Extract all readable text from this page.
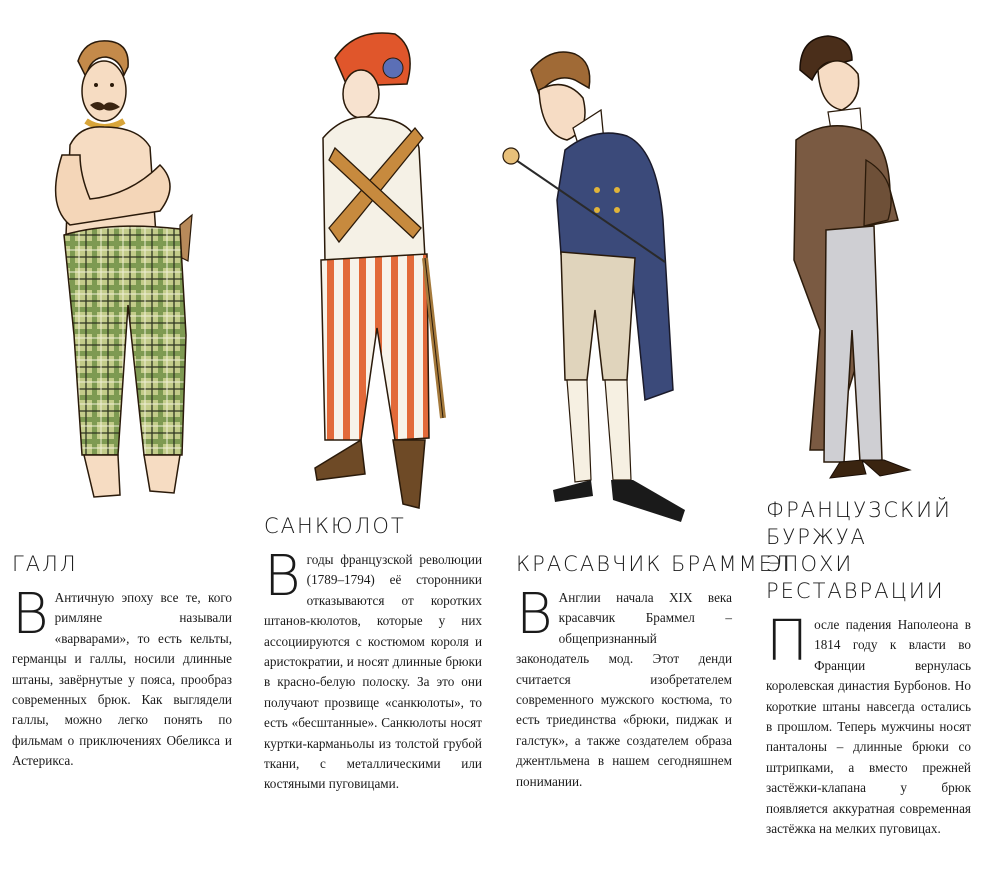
ГАЛЛ
В Античную эпоху все те, кого римляне называли «варварами», то есть кельты, германцы и галлы, носили длинные штаны, завёрнутые у пояса, прообраз современных брюк. Как выглядели галлы, можно легко понять по фильмам о приключениях Обеликса и Астерикса.
САНКЮЛОТ
Вгоды французской революции (1789–1794) её сторонники отказываются от коротких штанов-кюлотов, которые у них ассоциируются с костюмом короля и аристократии, и носят длинные брюки в красно-белую полоску. За это они получают прозвище «санкюлоты», то есть «бесштанные». Санкюлоты носят куртки-карманьолы из толстой грубой ткани, с металлическими или костяными пуговицами.
КРАСАВЧИК БРАММЕЛ
В Англии начала XIX века красавчик Браммел – общепризнанный законодатель мод. Этот денди считается изобретателем современного мужского костюма, то есть триединства «брюки, пиджак и галстук», а также создателем образа джентльмена в нашем сегодняшнем понимании.
ФРАНЦУЗСКИЙ БУРЖУА ЭПОХИ РЕСТАВРАЦИИ
После падения Наполеона в 1814 году к власти во Франции вернулась королевская династия Бурбонов. Но короткие штаны навсегда остались в прошлом. Теперь мужчины носят панталоны – длинные брюки со штрипками, а вместо прежней застёжки-клапана у брюк появляется аккуратная современная застёжка на мелких пуговицах.
